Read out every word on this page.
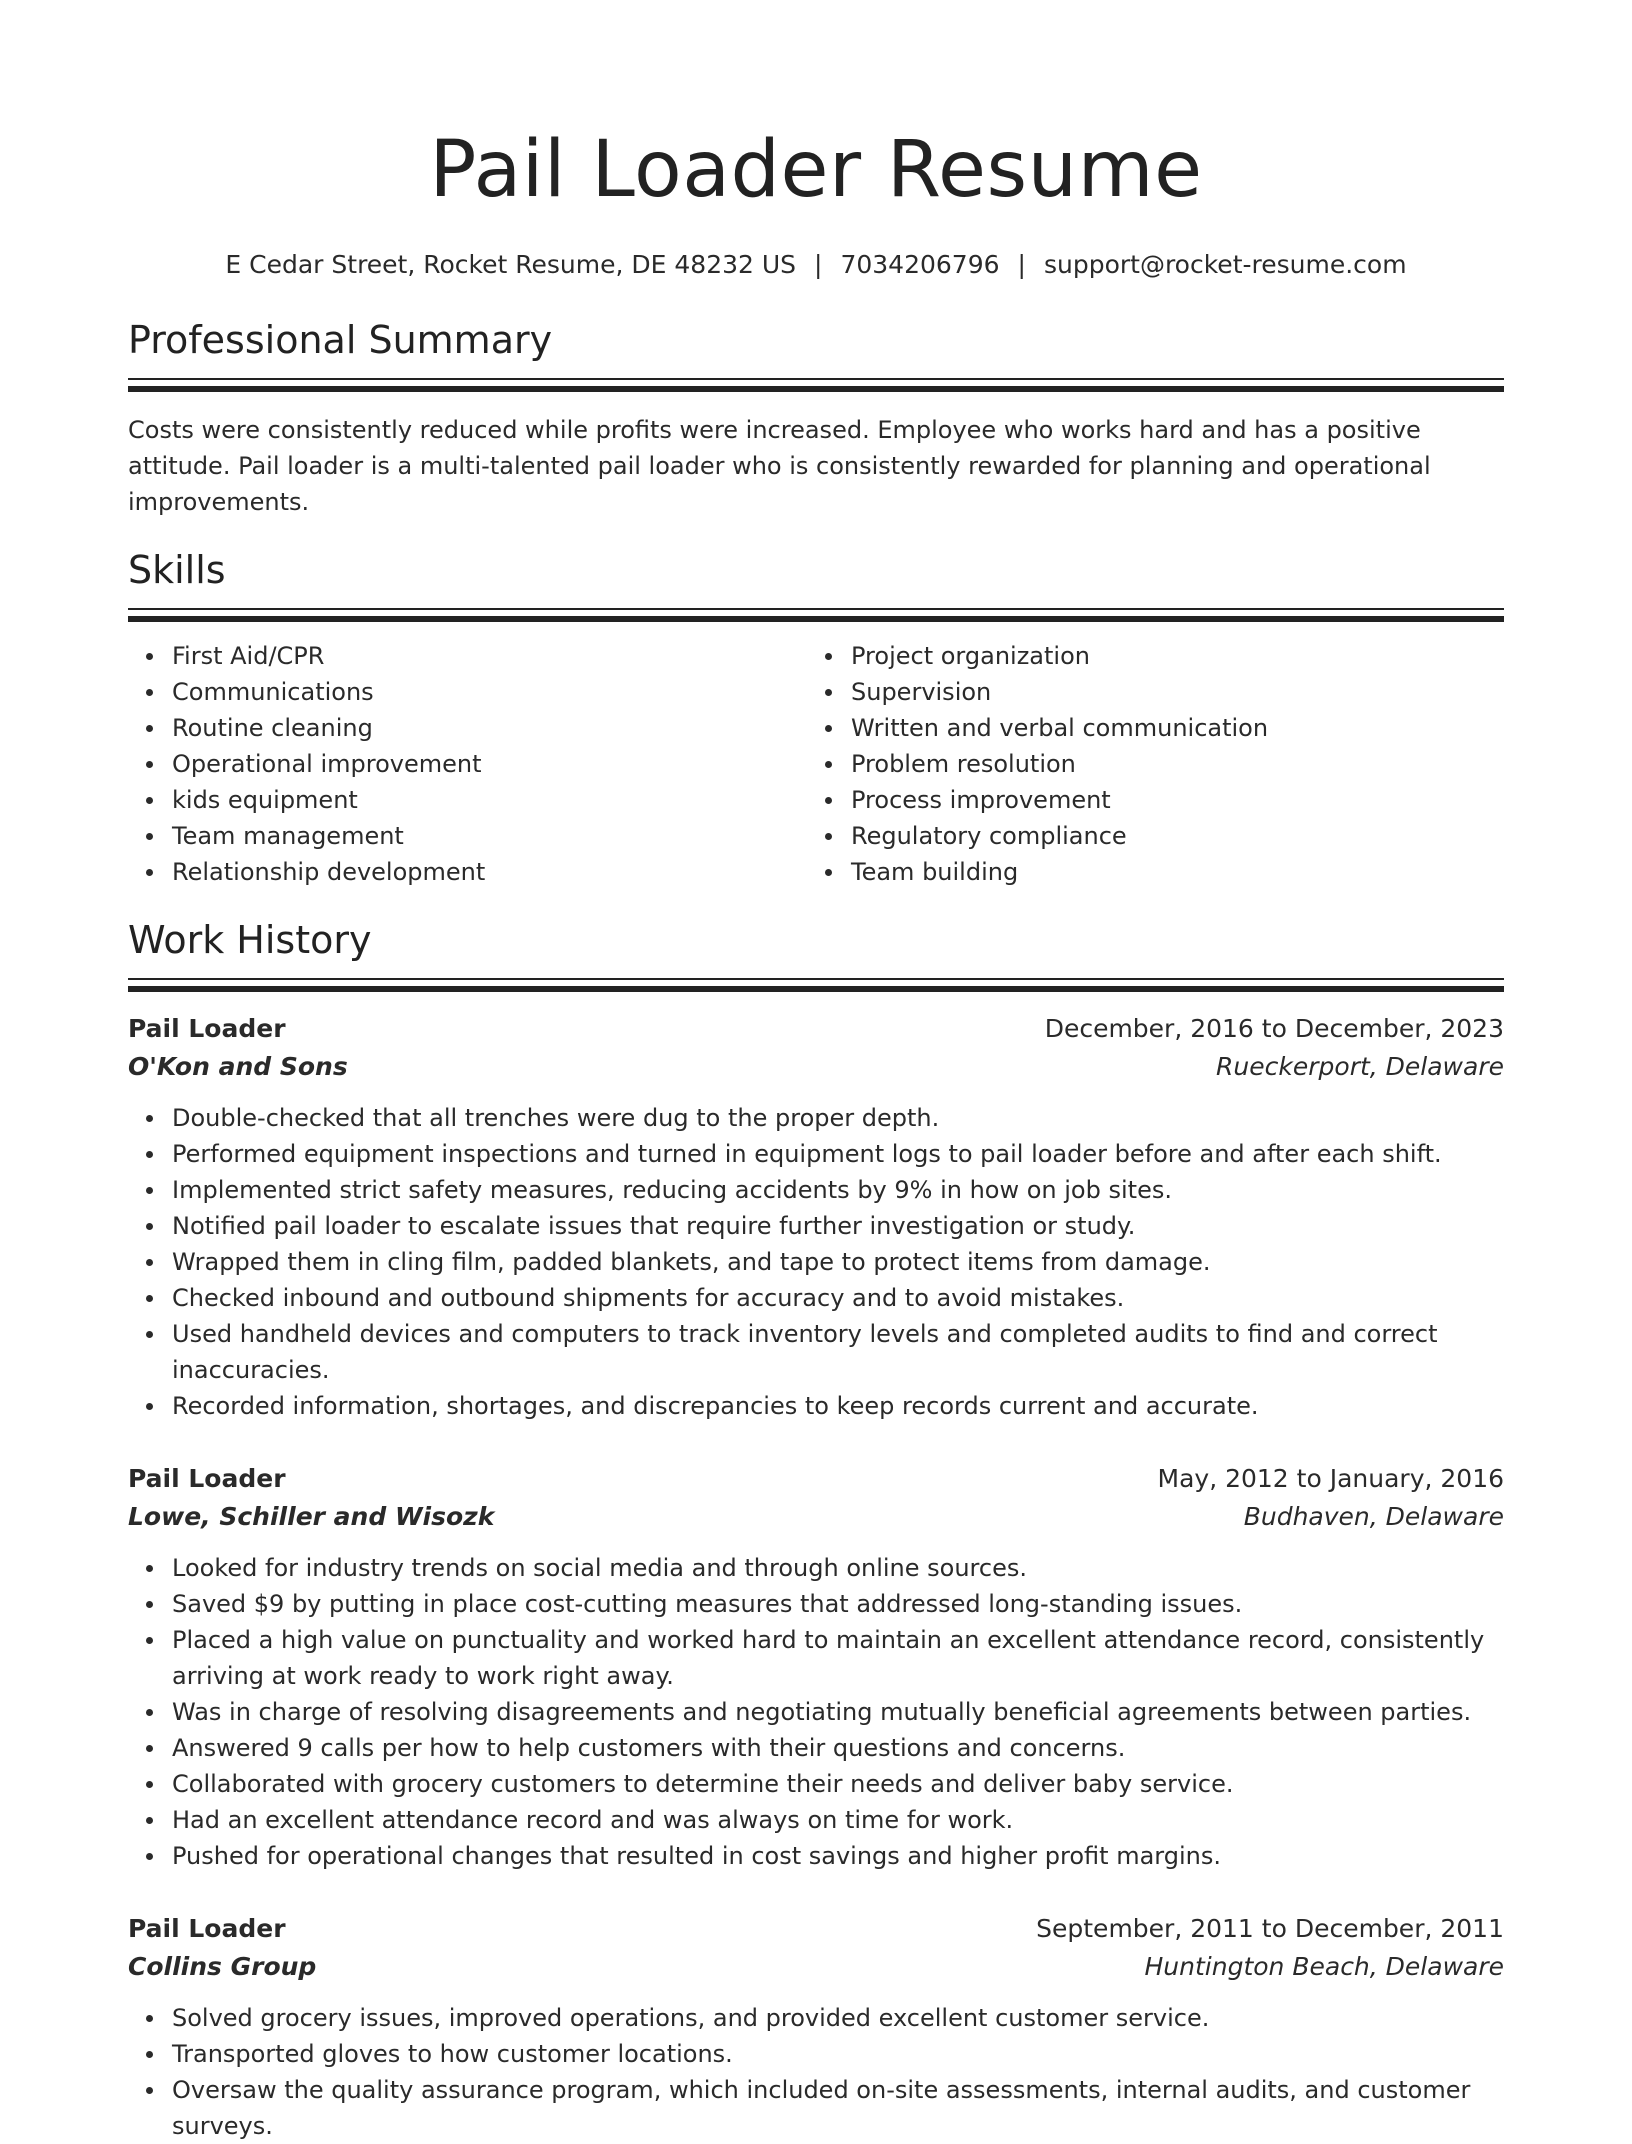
Pail Loader Resume
E Cedar Street, Rocket Resume, DE 48232 US | 7034206796 | support@rocket-resume.com
Professional Summary
Costs were consistently reduced while profits were increased. Employee who works hard and has a positive attitude. Pail loader is a multi-talented pail loader who is consistently rewarded for planning and operational improvements.
Skills
First Aid/CPR
Communications
Routine cleaning
Operational improvement
kids equipment
Team management
Relationship development
Project organization
Supervision
Written and verbal communication
Problem resolution
Process improvement
Regulatory compliance
Team building
Work History
Pail Loader	December, 2016 to December, 2023
O'Kon and Sons	Rueckerport, Delaware
Double-checked that all trenches were dug to the proper depth.
Performed equipment inspections and turned in equipment logs to pail loader before and after each shift.
Implemented strict safety measures, reducing accidents by 9% in how on job sites.
Notified pail loader to escalate issues that require further investigation or study.
Wrapped them in cling film, padded blankets, and tape to protect items from damage.
Checked inbound and outbound shipments for accuracy and to avoid mistakes.
Used handheld devices and computers to track inventory levels and completed audits to find and correct inaccuracies.
Recorded information, shortages, and discrepancies to keep records current and accurate.
Pail Loader	May, 2012 to January, 2016
Lowe, Schiller and Wisozk	Budhaven, Delaware
Looked for industry trends on social media and through online sources.
Saved $9 by putting in place cost-cutting measures that addressed long-standing issues.
Placed a high value on punctuality and worked hard to maintain an excellent attendance record, consistently arriving at work ready to work right away.
Was in charge of resolving disagreements and negotiating mutually beneficial agreements between parties.
Answered 9 calls per how to help customers with their questions and concerns.
Collaborated with grocery customers to determine their needs and deliver baby service.
Had an excellent attendance record and was always on time for work.
Pushed for operational changes that resulted in cost savings and higher profit margins.
Pail Loader	September, 2011 to December, 2011
Collins Group	Huntington Beach, Delaware
Solved grocery issues, improved operations, and provided excellent customer service.
Transported gloves to how customer locations.
Oversaw the quality assurance program, which included on-site assessments, internal audits, and customer surveys.
